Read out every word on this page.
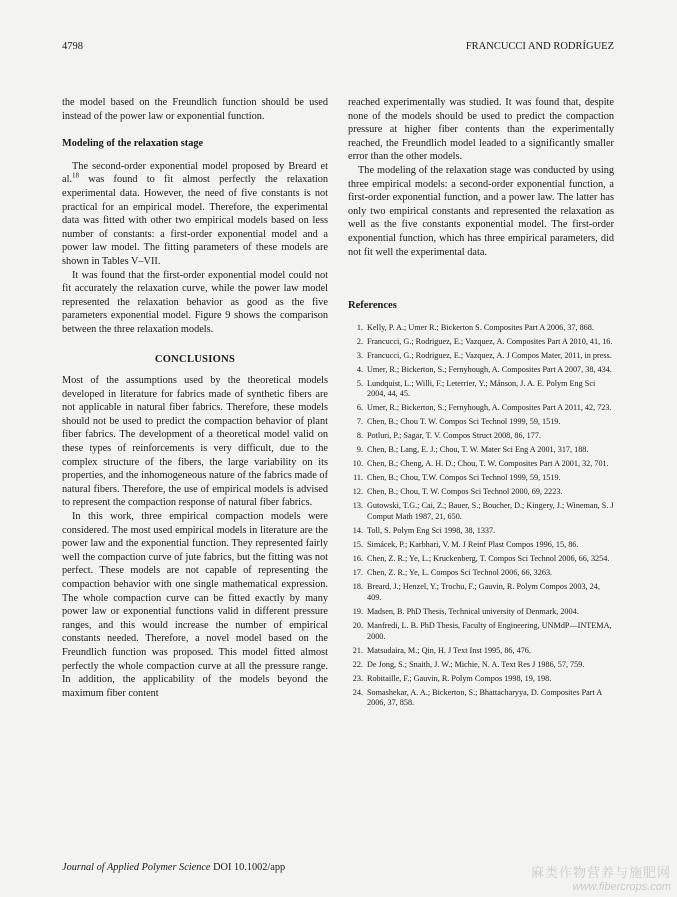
4798	FRANCUCCI AND RODRÍGUEZ

the model based on the Freundlich function should be used instead of the power law or exponential function.

Modeling of the relaxation stage

The second-order exponential model proposed by Breard et al.$^{18}$ was found to fit almost perfectly the relaxation experimental data. However, the need of five constants is not practical for an empirical model. Therefore, the experimental data was fitted with other two empirical models based on less number of constants: a first-order exponential model and a power law model. The fitting parameters of these models are shown in Tables V–VII.

It was found that the first-order exponential model could not fit accurately the relaxation curve, while the power law model represented the relaxation behavior as good as the five parameters exponential model. Figure 9 shows the comparison between the three relaxation models.

CONCLUSIONS

Most of the assumptions used by the theoretical models developed in literature for fabrics made of synthetic fibers are not applicable in natural fiber fabrics. Therefore, these models should not be used to predict the compaction behavior of plant fiber fabrics. The development of a theoretical model valid on these types of reinforcements is very difficult, due to the complex structure of the fibers, the large variability on its properties, and the inhomogeneous nature of the fabrics made of natural fibers. Therefore, the use of empirical models is advised to represent the compaction response of natural fiber fabrics.

In this work, three empirical compaction models were considered. The most used empirical models in literature are the power law and the exponential function. They represented fairly well the compaction curve of jute fabrics, but the fitting was not perfect. These models are not capable of representing the compaction behavior with one single mathematical expression. The whole compaction curve can be fitted exactly by many power law or exponential functions valid in different pressure ranges, and this would increase the number of empirical constants needed. Therefore, a novel model based on the Freundlich function was proposed. This model fitted almost perfectly the whole compaction curve at all the pressure range. In addition, the applicability of the models beyond the maximum fiber content

reached experimentally was studied. It was found that, despite none of the models should be used to predict the compaction pressure at higher fiber contents than the experimentally reached, the Freundlich model leaded to a significantly smaller error than the other models.

The modeling of the relaxation stage was conducted by using three empirical models: a second-order exponential function, a first-order exponential function, and a power law. The latter has only two empirical constants and represented the relaxation as well as the five constants exponential model. The first-order exponential function, which has three empirical parameters, did not fit well the experimental data.

References
1. Kelly, P. A.; Umer R.; Bickerton S. Composites Part A 2006, 37, 868.
2. Francucci, G.; Rodriguez, E.; Vazquez, A. Composites Part A 2010, 41, 16.
3. Francucci, G.; Rodriguez, E.; Vazquez, A. J Compos Mater, 2011, in press.
4. Umer, R.; Bickerton, S.; Fernyhough, A. Composites Part A 2007, 38, 434.
5. Lundquist, L.; Willi, F.; Leterrier, Y.; Månson, J. A. E. Polym Eng Sci 2004, 44, 45.
6. Umer, R.; Bickerton, S.; Fernyhough, A. Composites Part A 2011, 42, 723.
7. Chen, B.; Chou T. W. Compos Sci Technol 1999, 59, 1519.
8. Potluri, P.; Sagar, T. V. Compos Struct 2008, 86, 177.
9. Chen, B.; Lang, E. J.; Chou, T. W. Mater Sci Eng A 2001, 317, 188.
10. Chen, B.; Cheng, A. H. D.; Chou, T. W. Composites Part A 2001, 32, 701.
11. Chen, B.; Chou, T.W. Compos Sci Technol 1999, 59, 1519.
12. Chen, B.; Chou, T. W. Compos Sci Technol 2000, 69, 2223.
13. Gutowski, T.G.; Cai, Z.; Bauer, S.; Boucher, D.; Kingery, J.; Wineman, S. J Comput Math 1987, 21, 650.
14. Toll, S. Polym Eng Sci 1998, 38, 1337.
15. Simácek, P.; Karbhari, V. M. J Reinf Plast Compos 1996, 15, 86.
16. Chen, Z. R.; Ye, L.; Kruckenberg, T. Compos Sci Technol 2006, 66, 3254.
17. Chen, Z. R.; Ye, L. Compos Sci Technol 2006, 66, 3263.
18. Breard, J.; Henzel, Y.; Trochu, F.; Gauvin, R. Polym Compos 2003, 24, 409.
19. Madsen, B. PhD Thesis, Technical university of Denmark, 2004.
20. Manfredi, L. B. PhD Thesis, Faculty of Engineering, UNMdP—INTEMA, 2000.
21. Matsudaira, M.; Qin, H. J Text Inst 1995, 86, 476.
22. De Jong, S.; Snaith, J. W.; Michie, N. A. Text Res J 1986, 57, 759.
23. Robitaille, F.; Gauvin, R. Polym Compos 1998, 19, 198.
24. Somashekar, A. A.; Bickerton, S.; Bhattacharyya, D. Composites Part A 2006, 37, 858.
Journal of Applied Polymer Science DOI 10.1002/app	麻类作物营养与施肥网
www.fibercrops.com
